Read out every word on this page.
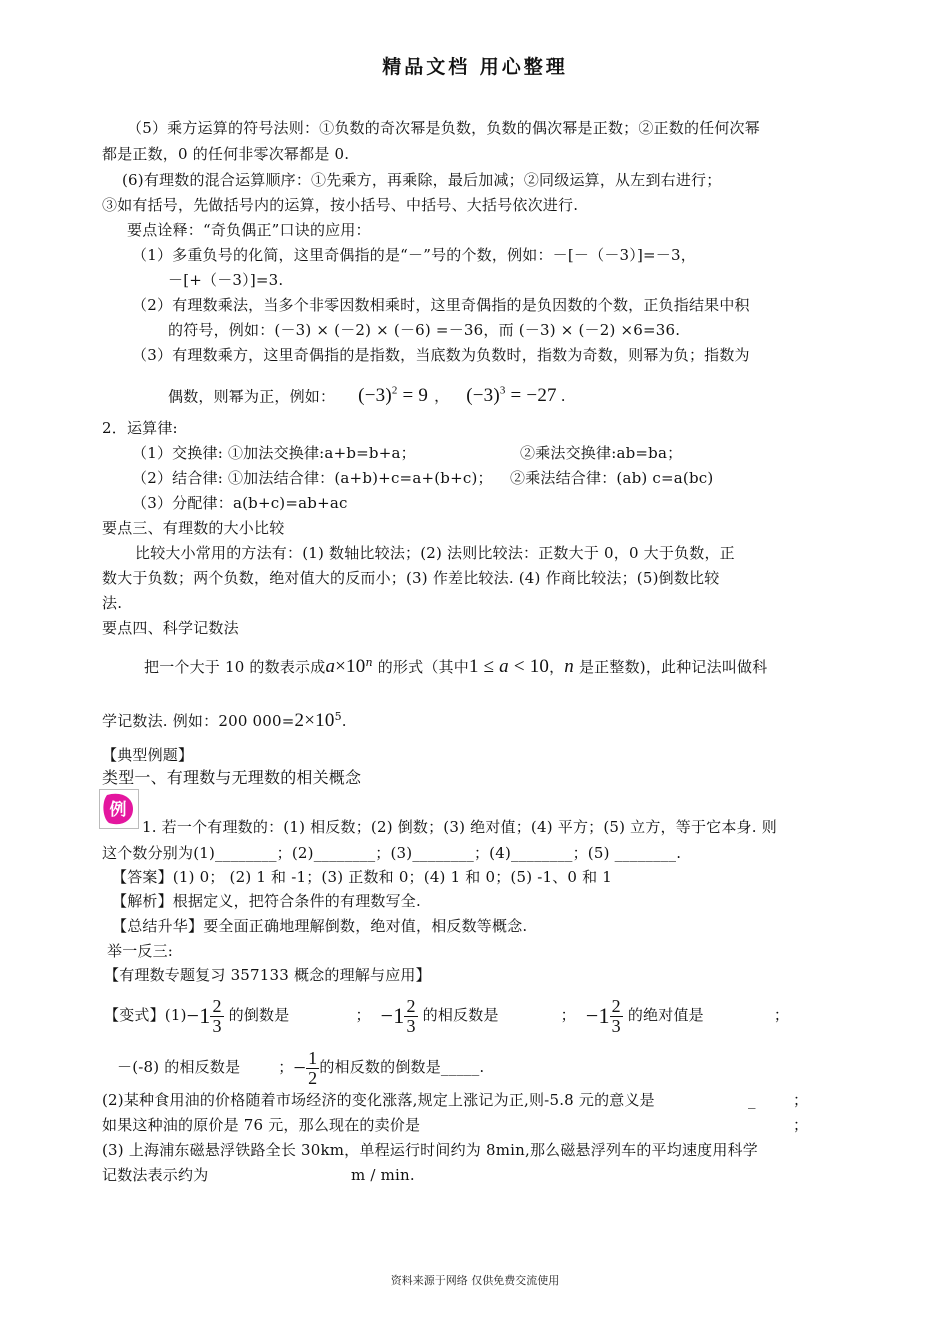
精品文档 用心整理
（5）乘方运算的符号法则：①负数的奇次幂是负数，负数的偶次幂是正数；②正数的任何次幂
都是正数，0 的任何非零次幂都是 0.
(6)有理数的混合运算顺序：①先乘方，再乘除，最后加减；②同级运算，从左到右进行；
③如有括号，先做括号内的运算，按小括号、中括号、大括号依次进行.
要点诠释：“奇负偶正”口诀的应用：
（1）多重负号的化简，这里奇偶指的是“－”号的个数，例如：－[－（－3）]=－3，
－[+（－3）]=3.
（2）有理数乘法，当多个非零因数相乘时，这里奇偶指的是负因数的个数，正负指结果中积
的符号，例如：(－3) × (－2) × (－6) =－36，而 (－3) × (－2) ×6=36.
（3）有理数乘方，这里奇偶指的是指数，当底数为负数时，指数为奇数，则幂为负；指数为
偶数，则幂为正，例如： $(-3)^2 = 9$ ， $(-3)^3 = -27$ .
2．运算律:
（1）交换律: ①加法交换律:a+b=b+a；	②乘法交换律:ab=ba；
（2）结合律: ①加法结合律：(a+b)+c=a+(b+c)； ②乘法结合律：(ab) c=a(bc)
（3）分配律：a(b+c)=ab+ac
要点三、有理数的大小比较
比较大小常用的方法有：(1) 数轴比较法；(2) 法则比较法：正数大于 0，0 大于负数，正
数大于负数；两个负数，绝对值大的反而小；(3) 作差比较法. (4) 作商比较法；(5)倒数比较
法.
要点四、科学记数法
把一个大于 10 的数表示成$a\times 10^n$ 的形式（其中1 ≤ a < 10，n 是正整数)，此种记法叫做科
学记数法. 例如：200 $000=2\times 10^5$.
【典型例题】
类型一、有理数与无理数的相关概念
例
1. 若一个有理数的：(1) 相反数；(2) 倒数；(3) 绝对值；(4) 平方；(5) 立方，等于它本身. 则
这个数分别为(1)________；(2)________；(3)________；(4)________；(5) ________.
【答案】(1) 0； (2) 1 和 -1；(3) 正数和 0；(4) 1 和 0；(5) -1、0 和 1
【解析】根据定义，把符合条件的有理数写全.
【总结升华】要全面正确地理解倒数，绝对值，相反数等概念.
举一反三:
【有理数专题复习 357133 概念的理解与应用】
【变式】$(1)-1 \frac{2}{3}$ 的倒数是	； $-1 \frac{2}{3}$ 的相反数是	； $-1 \frac{2}{3}$ 的绝对值是	；
－(-8) 的相反数是	；− $\frac{1}{2}$ 的相反数的倒数是_____.
(2)某种食用油的价格随着市场经济的变化涨落,规定上涨记为正,则-5.8 元的意义是	_ ；
如果这种油的原价是 76 元，那么现在的卖价是	；
(3) 上海浦东磁悬浮铁路全长 30km，单程运行时间约为 8min,那么磁悬浮列车的平均速度用科学
记数法表示约为	m / min.
资料来源于网络 仅供免费交流使用
